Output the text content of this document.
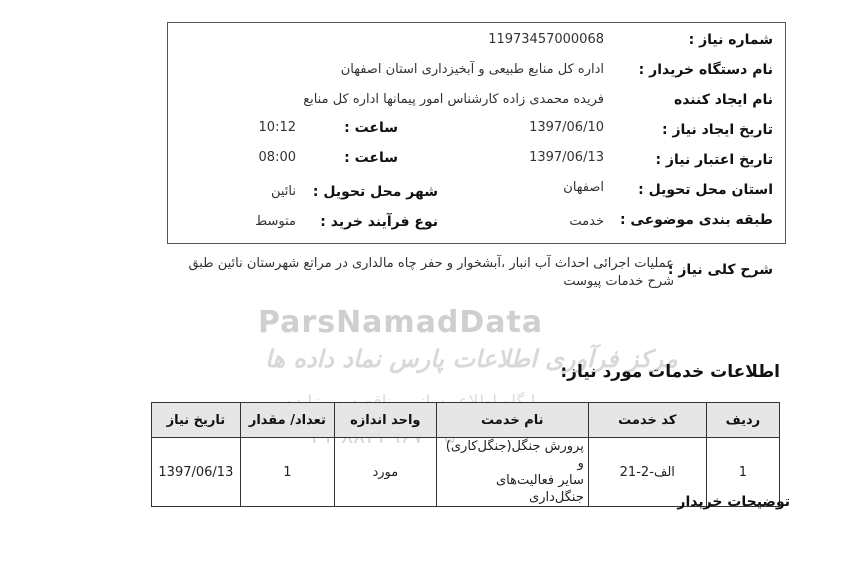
ParsNamadData
مرکز فرآوری اطلاعات پارس نماد داده ها
شماره نیاز :
11973457000068
نام دستگاه خریدار :
اداره کل منابع طبیعی و آبخیزداری استان اصفهان
نام ایجاد کننده
فریده محمدی زاده کارشناس امور پیمانها اداره کل منابع
تاریخ ایجاد نیاز :
1397/06/10
ساعت :
10:12
تاریخ اعتبار نیاز :
1397/06/13
ساعت :
08:00
استان محل تحویل :
اصفهان
شهر محل تحویل :
نائین
طبقه بندی موضوعی :
خدمت
نوع فرآیند خرید :
متوسط
شرح کلی نیاز :
عملیات اجرائی احداث آب انبار ،آبشخوار و حفر چاه مالداری در مراتع شهرستان نائین طبق
شرح خدمات پیوست
اطلاعات خدمات مورد نیاز:
ردیف	کد خدمت	نام خدمت	واحد اندازه	تعداد/ مقدار	تاریخ نیاز
1	الف-2-21	پرورش جنگل(جنگل‌کاری) و
سایر فعالیت‌های جنگل‌داری	مورد	1	1397/06/13
توضیحات خریدار
